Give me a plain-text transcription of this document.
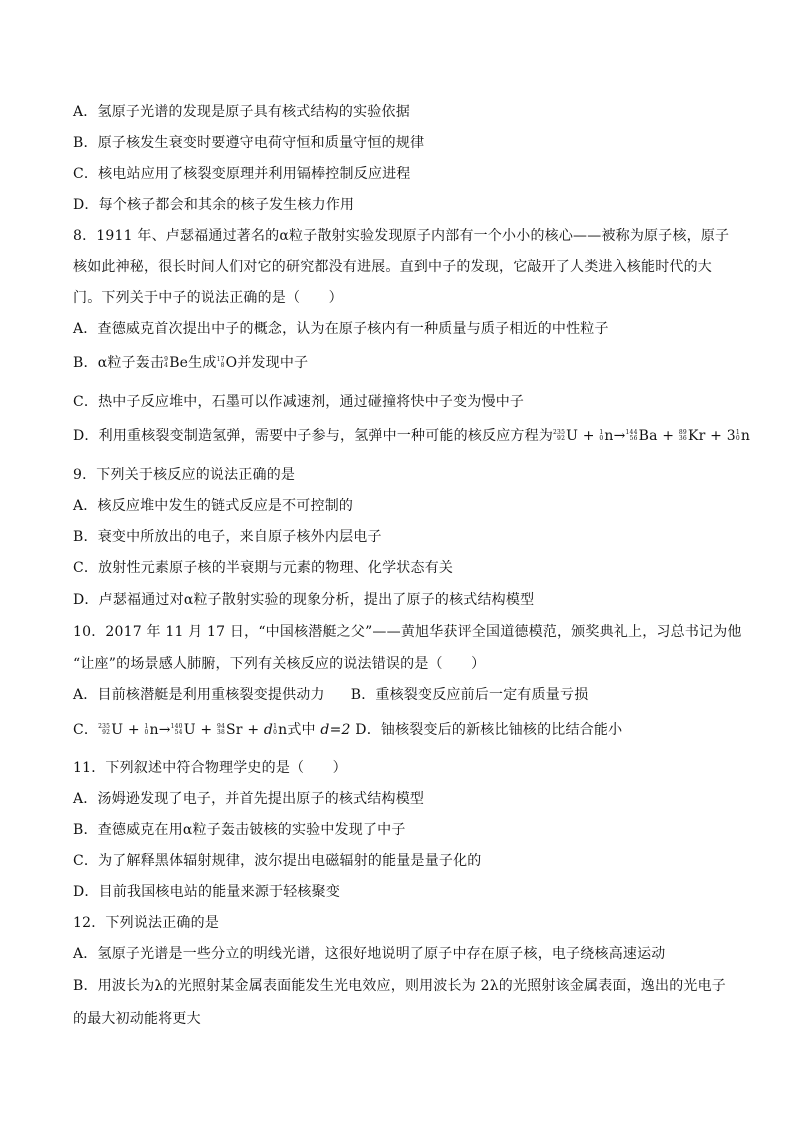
A．氢原子光谱的发现是原子具有核式结构的实验依据
B．原子核发生衰变时要遵守电荷守恒和质量守恒的规律
C．核电站应用了核裂变原理并利用镉棒控制反应进程
D．每个核子都会和其余的核子发生核力作用
8．1911 年、卢瑟福通过著名的α粒子散射实验发现原子内部有一个小小的核心——被称为原子核，原子
核如此神秘，很长时间人们对它的研究都没有进展。直到中子的发现，它敲开了人类进入核能时代的大
门。下列关于中子的说法正确的是（　　）
A．查德威克首次提出中子的概念，认为在原子核内有一种质量与质子相近的中性粒子
B．α粒子轰击 9
4 Be生成 17
8 O并发现中子
C．热中子反应堆中，石墨可以作减速剂，通过碰撞将快中子变为慢中子
D．利用重核裂变制造氢弹，需要中子参与，氢弹中一种可能的核反应方程为 235
92 U + 1
0 n→ 144
56 Ba + 89
36 Kr + 3 1
0 n
9．下列关于核反应的说法正确的是
A．核反应堆中发生的链式反应是不可控制的
B．衰变中所放出的电子，来自原子核外内层电子
C．放射性元素原子核的半衰期与元素的物理、化学状态有关
D．卢瑟福通过对α粒子散射实验的现象分析，提出了原子的核式结构模型
10．2017 年 11 月 17 日，“中国核潜艇之父”——黄旭华获评全国道德模范，颁奖典礼上，习总书记为他
“让座”的场景感人肺腑，下列有关核反应的说法错误的是（　　）
A．目前核潜艇是利用重核裂变提供动力 B．重核裂变反应前后一定有质量亏损
C． 235
92 U + 1
0 n→ 140
54 U + 94
38 Sr + d 1
0 n式中 d=2 D．铀核裂变后的新核比铀核的比结合能小
11．下列叙述中符合物理学史的是（　　）
A．汤姆逊发现了电子，并首先提出原子的核式结构模型
B．查德威克在用α粒子轰击铍核的实验中发现了中子
C．为了解释黑体辐射规律，波尔提出电磁辐射的能量是量子化的
D．目前我国核电站的能量来源于轻核聚变
12．下列说法正确的是
A．氢原子光谱是一些分立的明线光谱，这很好地说明了原子中存在原子核，电子绕核高速运动
B．用波长为λ的光照射某金属表面能发生光电效应，则用波长为 2λ的光照射该金属表面，逸出的光电子
的最大初动能将更大
